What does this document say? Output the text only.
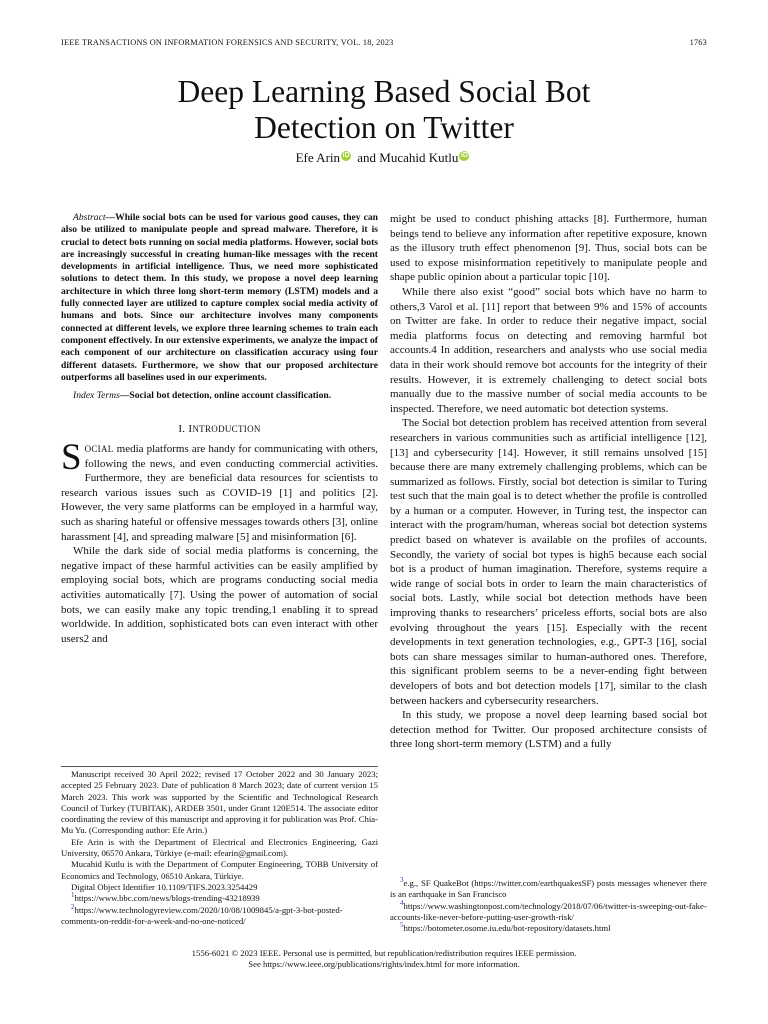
IEEE TRANSACTIONS ON INFORMATION FORENSICS AND SECURITY, VOL. 18, 2023	1763
Deep Learning Based Social Bot
Detection on Twitter
Efe Arin iD and Mucahid Kutlu iD
Abstract—While social bots can be used for various good causes, they can also be utilized to manipulate people and spread malware. Therefore, it is crucial to detect bots running on social media platforms. However, social bots are increasingly successful in creating human-like messages with the recent developments in artificial intelligence. Thus, we need more sophisticated solutions to detect them. In this study, we propose a novel deep learning architecture in which three long short-term memory (LSTM) models and a fully connected layer are utilized to capture complex social media activity of humans and bots. Since our architecture involves many components connected at different levels, we explore three learning schemes to train each component effectively. In our extensive experiments, we analyze the impact of each component of our architecture on classification accuracy using four different datasets. Furthermore, we show that our proposed architecture outperforms all baselines used in our experiments.
Index Terms—Social bot detection, online account classification.
I. INTRODUCTION

SOCIAL media platforms are handy for communicating with others, following the news, and even conducting commercial activities. Furthermore, they are beneficial data resources for scientists to research various issues such as COVID-19 [1] and politics [2]. However, the very same platforms can be employed in a harmful way, such as sharing hateful or offensive messages towards others [3], online harassment [4], and spreading malware [5] and misinformation [6].

While the dark side of social media platforms is concerning, the negative impact of these harmful activities can be easily amplified by employing social bots, which are programs conducting social media activities automatically [7]. Using the power of automation of social bots, we can easily make any topic trending,1 enabling it to spread worldwide. In addition, sophisticated bots can even interact with other users2 and

Manuscript received 30 April 2022; revised 17 October 2022 and 30 January 2023; accepted 25 February 2023. Date of publication 8 March 2023; date of current version 15 March 2023. This work was supported by the Scientific and Technological Research Council of Turkey (TUBITAK), ARDEB 3501, under Grant 120E514. The associate editor coordinating the review of this manuscript and approving it for publication was Prof. Chia-Mu Yu. (Corresponding author: Efe Arin.)
Efe Arin is with the Department of Electrical and Electronics Engineering, Gazi University, 06570 Ankara, Türkiye (e-mail: efearin@gmail.com).
Mucahid Kutlu is with the Department of Computer Engineering, TOBB University of Economics and Technology, 06510 Ankara, Türkiye.
Digital Object Identifier 10.1109/TIFS.2023.3254429
$^1$https://www.bbc.com/news/blogs-trending-43218939
$^2$https://www.technologyreview.com/2020/10/08/1009845/a-gpt-3-bot-posted-comments-on-reddit-for-a-week-and-no-one-noticed/

might be used to conduct phishing attacks [8]. Furthermore, human beings tend to believe any information after repetitive exposure, known as the illusory truth effect phenomenon [9]. Thus, social bots can be used to expose misinformation repetitively to manipulate people and shape public opinion about a particular topic [10].

While there also exist “good” social bots which have no harm to others,3 Varol et al. [11] report that between 9% and 15% of accounts on Twitter are fake. In order to reduce their negative impact, social media platforms focus on detecting and removing harmful bot accounts.4 In addition, researchers and analysts who use social media data in their work should remove bot accounts for the integrity of their results. However, it is extremely challenging to detect social bots manually due to the massive number of social media accounts to be inspected. Therefore, we need automatic bot detection systems.

The Social bot detection problem has received attention from several researchers in various communities such as artificial intelligence [12], [13] and cybersecurity [14]. However, it still remains unsolved [15] because there are many extremely challenging problems, which can be summarized as follows. Firstly, social bot detection is similar to Turing test such that the main goal is to detect whether the profile is controlled by a human or a computer. However, in Turing test, the inspector can interact with the program/human, whereas social bot detection systems predict based on whatever is available on the profiles of accounts. Secondly, the variety of social bot types is high5 because each social bot is a product of human imagination. Therefore, systems require a wide range of social bots in order to learn the main characteristics of social bots. Lastly, while social bot detection methods have been improving thanks to researchers’ priceless efforts, social bots are also evolving throughout the years [15]. Especially with the recent developments in text generation technologies, e.g., GPT-3 [16], social bots can share messages similar to human-authored ones. Therefore, this significant problem seems to be a never-ending fight between developers of bots and bot detection models [17], similar to the clash between hackers and cybersecurity researchers.

In this study, we propose a novel deep learning based social bot detection method for Twitter. Our proposed architecture consists of three long short-term memory (LSTM) and a fully

$^3$e.g., SF QuakeBot (https://twitter.com/earthquakesSF) posts messages whenever there is an earthquake in San Francisco
$^4$https://www.washingtonpost.com/technology/2018/07/06/twitter-is-sweeping-out-fake-accounts-like-never-before-putting-user-growth-risk/
$^5$https://botometer.osome.iu.edu/bot-repository/datasets.html
1556-6021 © 2023 IEEE. Personal use is permitted, but republication/redistribution requires IEEE permission.
See https://www.ieee.org/publications/rights/index.html for more information.
